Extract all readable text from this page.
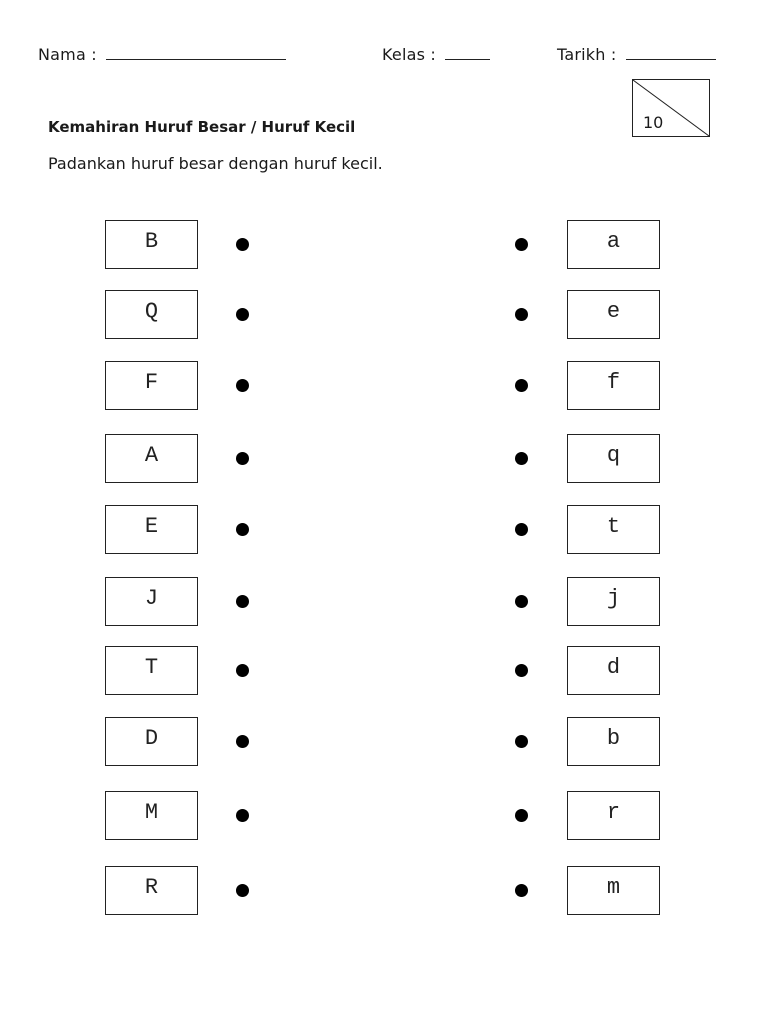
Nama :	Kelas :	Tarikh :
10
Kemahiran Huruf Besar / Huruf Kecil
Padankan huruf besar dengan huruf kecil.
B	a
Q	e
F	f
A	q
E	t
J	j
T	d
D	b
M	r
R	m
